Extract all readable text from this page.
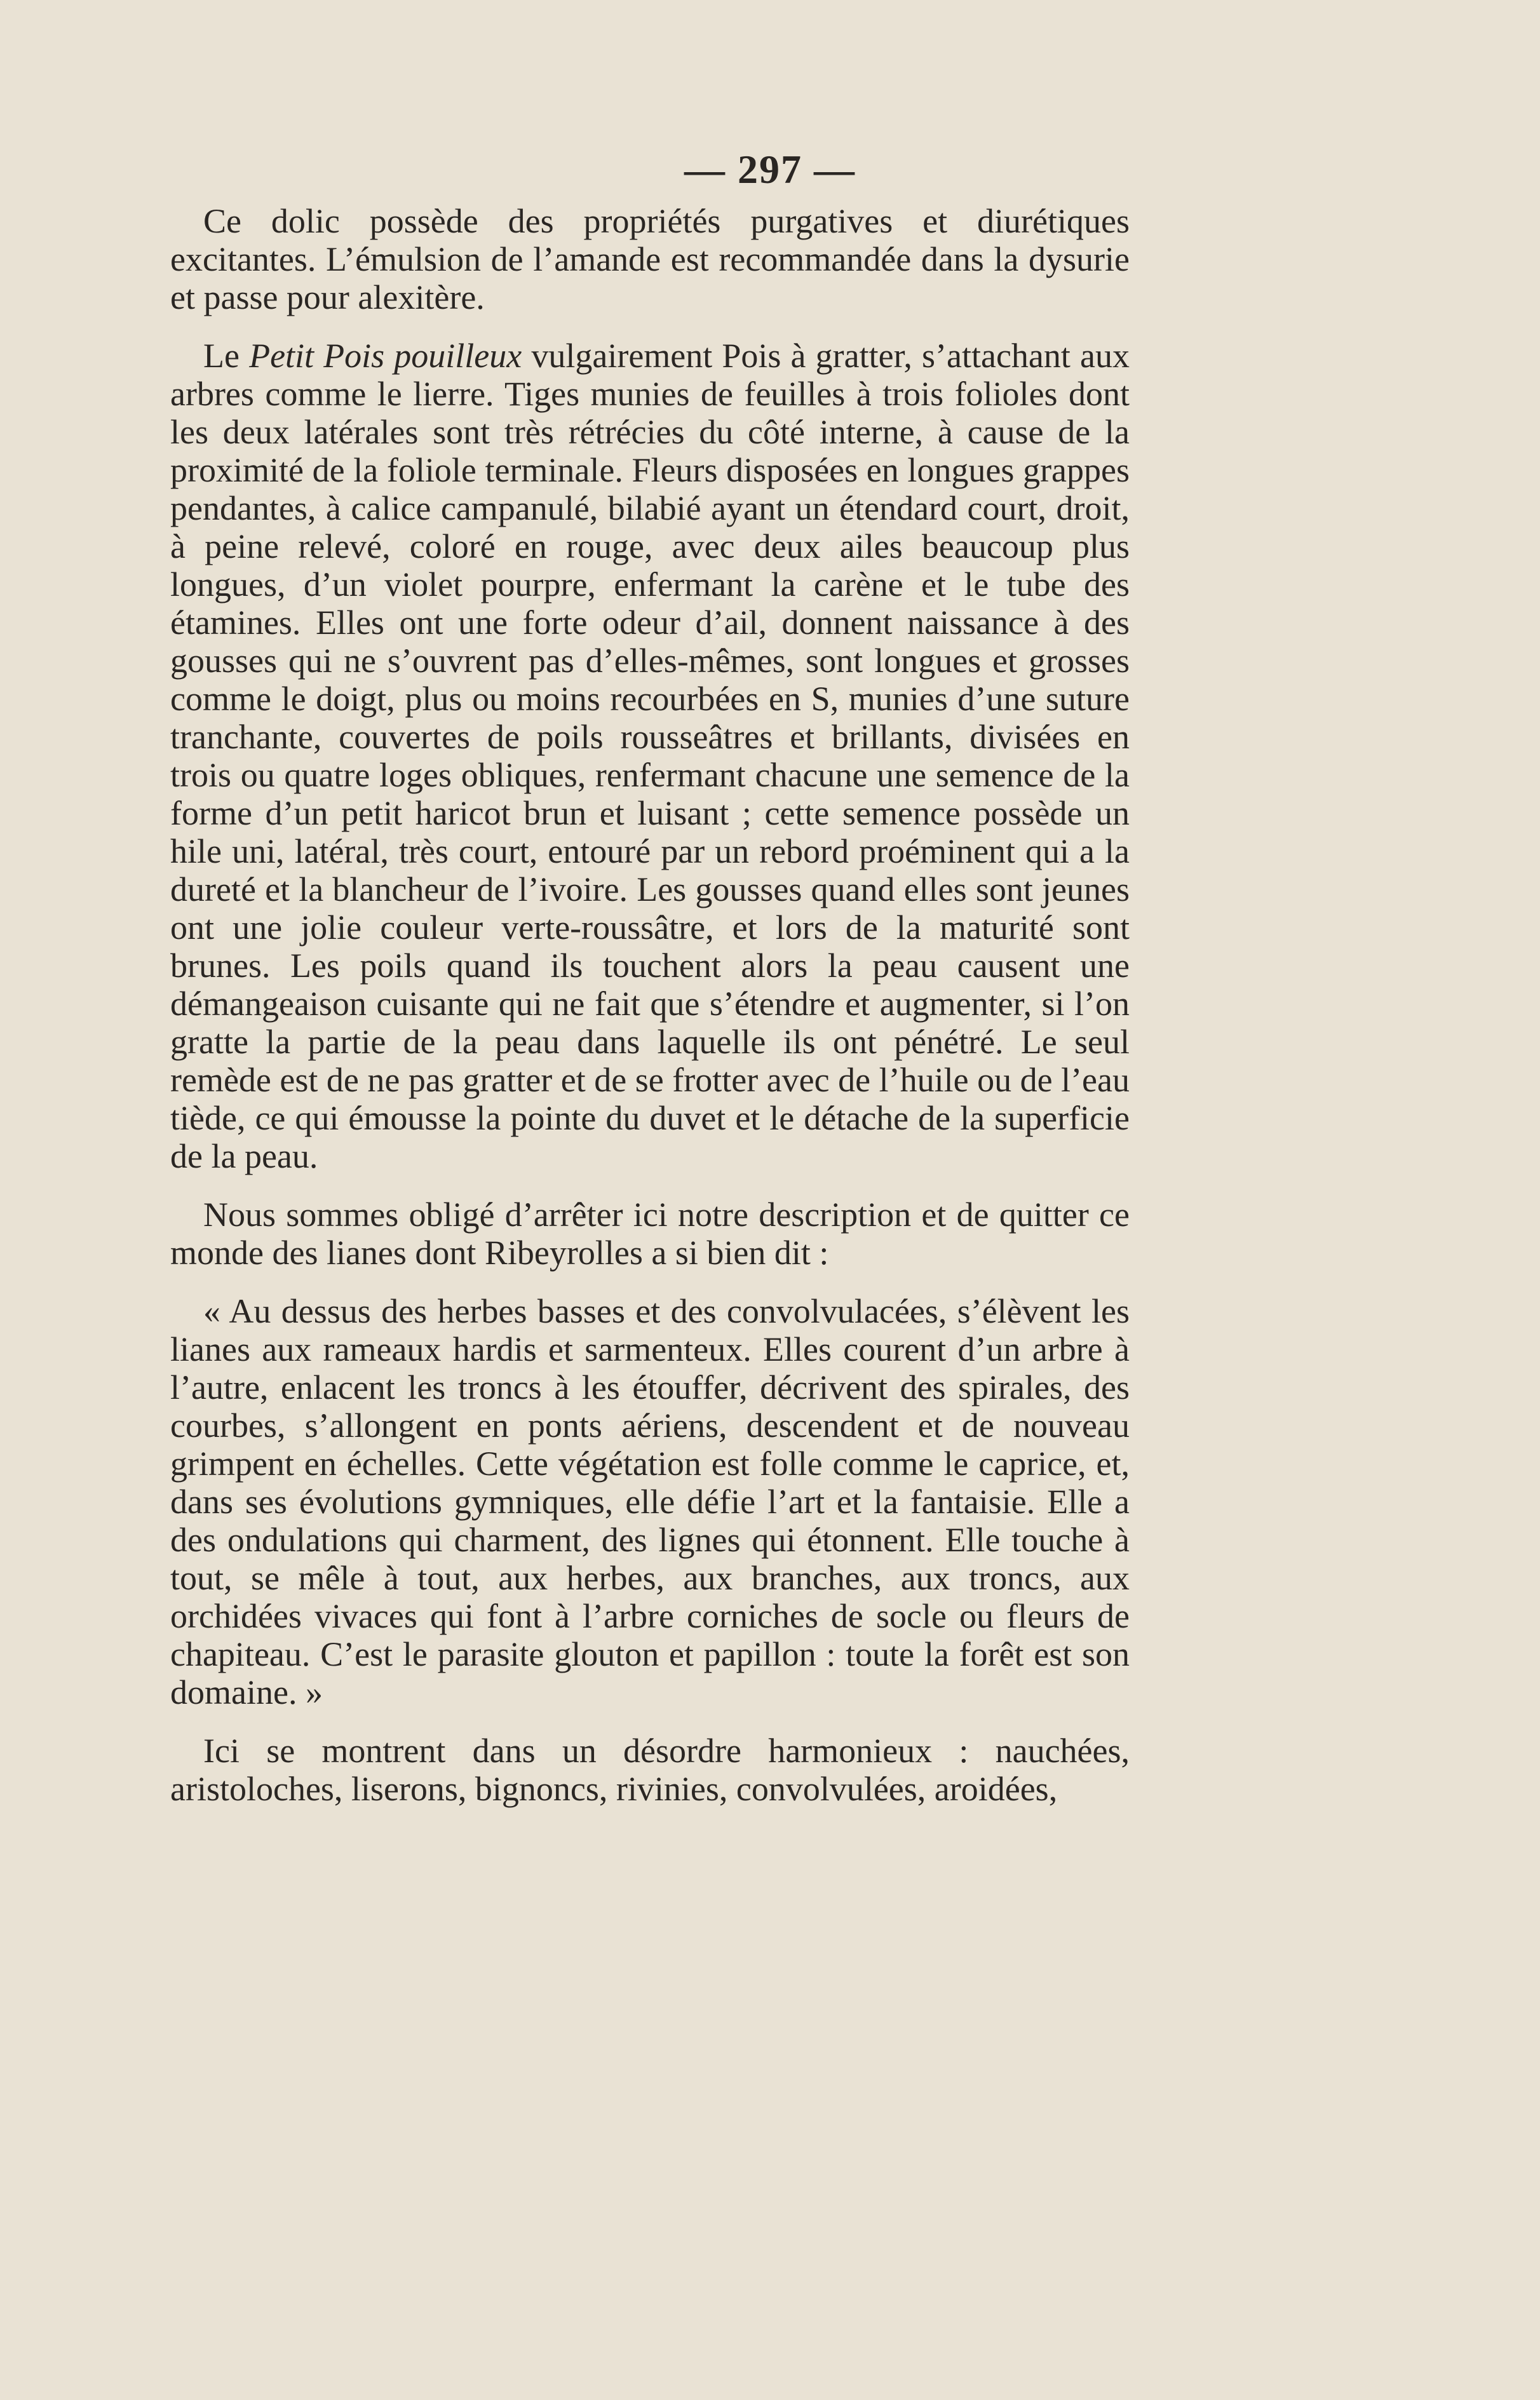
— 297 —

Ce dolic possède des propriétés purgatives et diurétiques excitantes. L’émulsion de l’amande est recommandée dans la dysurie et passe pour alexitère.

Le Petit Pois pouilleux vulgairement Pois à gratter, s’attachant aux arbres comme le lierre. Tiges munies de feuilles à trois folioles dont les deux latérales sont très rétrécies du côté interne, à cause de la proximité de la foliole terminale. Fleurs disposées en longues grappes pendantes, à calice campanulé, bilabié ayant un étendard court, droit, à peine relevé, coloré en rouge, avec deux ailes beaucoup plus longues, d’un violet pourpre, enfermant la carène et le tube des étamines. Elles ont une forte odeur d’ail, donnent naissance à des gousses qui ne s’ouvrent pas d’elles-mêmes, sont longues et grosses comme le doigt, plus ou moins recourbées en S, munies d’une suture tranchante, couvertes de poils rousseâtres et brillants, divisées en trois ou quatre loges obliques, renfermant chacune une semence de la forme d’un petit haricot brun et luisant ; cette semence possède un hile uni, latéral, très court, entouré par un rebord proéminent qui a la dureté et la blancheur de l’ivoire. Les gousses quand elles sont jeunes ont une jolie couleur verte-roussâtre, et lors de la maturité sont brunes. Les poils quand ils touchent alors la peau causent une démangeaison cuisante qui ne fait que s’étendre et augmenter, si l’on gratte la partie de la peau dans laquelle ils ont pénétré. Le seul remède est de ne pas gratter et de se frotter avec de l’huile ou de l’eau tiède, ce qui émousse la pointe du duvet et le détache de la superficie de la peau.

Nous sommes obligé d’arrêter ici notre description et de quitter ce monde des lianes dont Ribeyrolles a si bien dit :

« Au dessus des herbes basses et des convolvulacées, s’élèvent les lianes aux rameaux hardis et sarmenteux. Elles courent d’un arbre à l’autre, enlacent les troncs à les étouffer, décrivent des spirales, des courbes, s’allongent en ponts aériens, descendent et de nouveau grimpent en échelles. Cette végétation est folle comme le caprice, et, dans ses évolutions gymniques, elle défie l’art et la fantaisie. Elle a des ondulations qui charment, des lignes qui étonnent. Elle touche à tout, se mêle à tout, aux herbes, aux branches, aux troncs, aux orchidées vivaces qui font à l’arbre corniches de socle ou fleurs de chapiteau. C’est le parasite glouton et papillon : toute la forêt est son domaine. »

Ici se montrent dans un désordre harmonieux : nauchées, aristoloches, liserons, bignoncs, rivinies, convolvulées, aroidées,
